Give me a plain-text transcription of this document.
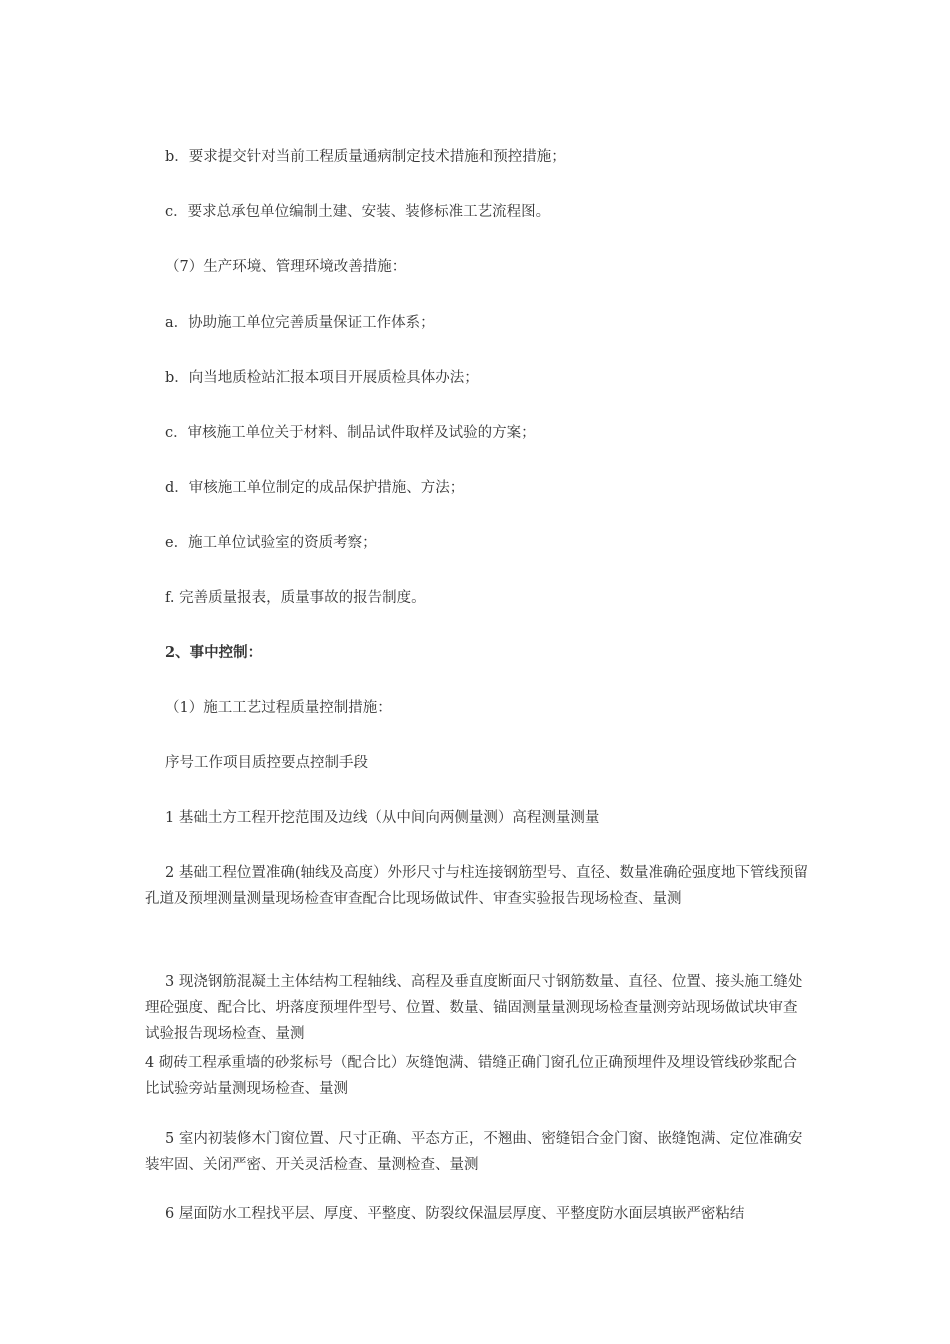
b．要求提交针对当前工程质量通病制定技术措施和预控措施；

c．要求总承包单位编制土建、安装、装修标准工艺流程图。

（7）生产环境、管理环境改善措施：

a．协助施工单位完善质量保证工作体系；

b．向当地质检站汇报本项目开展质检具体办法；

c．审核施工单位关于材料、制品试件取样及试验的方案；

d．审核施工单位制定的成品保护措施、方法；

e．施工单位试验室的资质考察；

f. 完善质量报表，质量事故的报告制度。

2、事中控制：

（1）施工工艺过程质量控制措施：

序号工作项目质控要点控制手段

1 基础土方工程开挖范围及边线（从中间向两侧量测）高程测量测量

2 基础工程位置准确(轴线及高度）外形尺寸与柱连接钢筋型号、直径、数量准确砼强度地下管线预留孔道及预埋测量测量现场检查审查配合比现场做试件、审查实验报告现场检查、量测

3 现浇钢筋混凝土主体结构工程轴线、高程及垂直度断面尺寸钢筋数量、直径、位置、接头施工缝处理砼强度、配合比、坍落度预埋件型号、位置、数量、锚固测量量测现场检查量测旁站现场做试块审查试验报告现场检查、量测

4 砌砖工程承重墙的砂浆标号（配合比）灰缝饱满、错缝正确门窗孔位正确预埋件及埋设管线砂浆配合比试验旁站量测现场检查、量测

5 室内初装修木门窗位置、尺寸正确、平态方正，不翘曲、密缝铝合金门窗、嵌缝饱满、定位准确安装牢固、关闭严密、开关灵活检查、量测检查、量测

6 屋面防水工程找平层、厚度、平整度、防裂纹保温层厚度、平整度防水面层填嵌严密粘结
